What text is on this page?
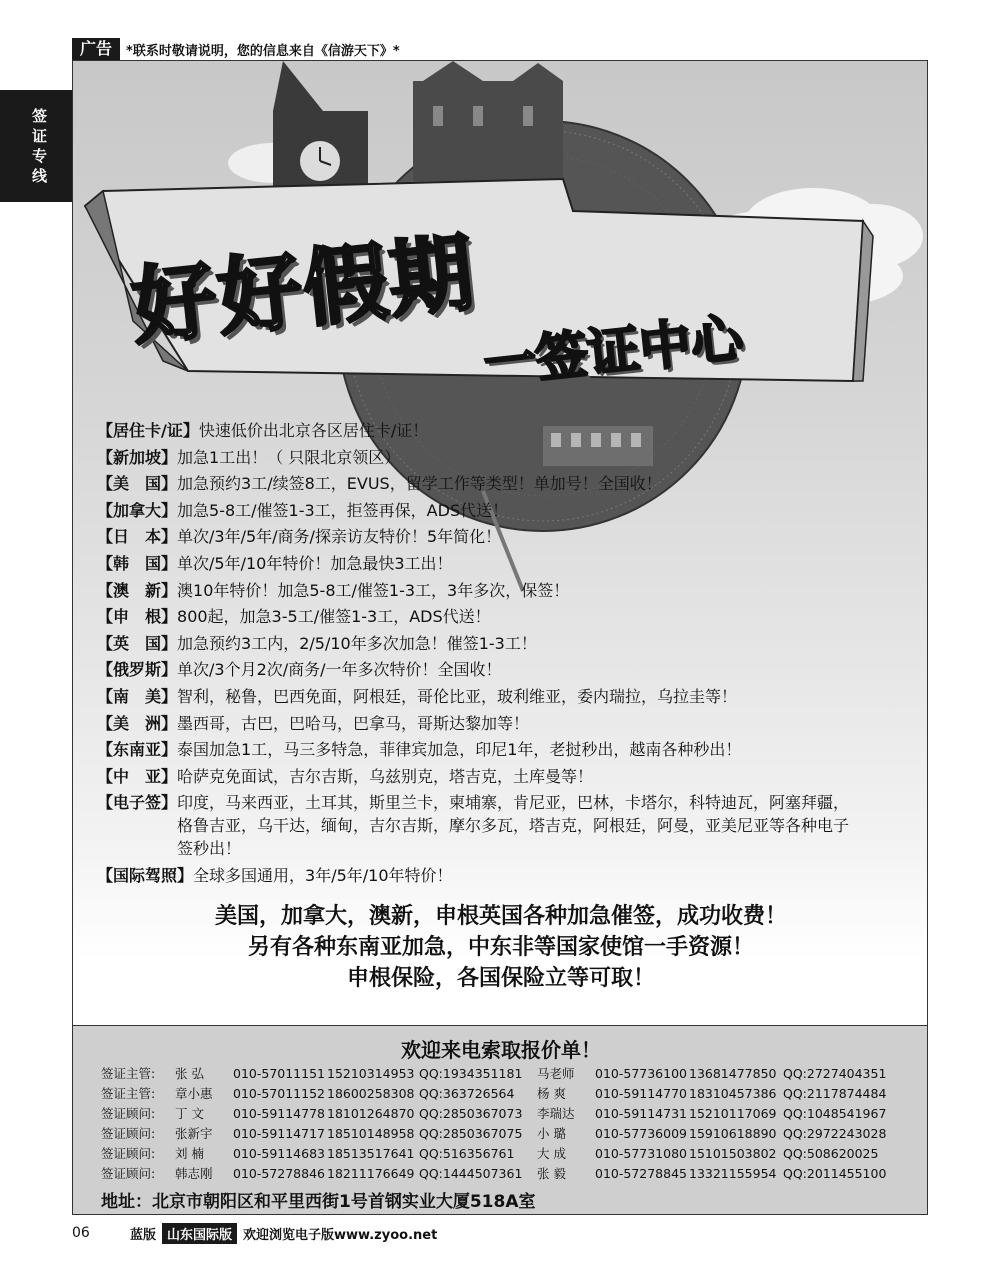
广告	*联系时敬请说明，您的信息来自《信游天下》*
签证专线
好好假期 一签证中心
【居住卡/证】 快速低价出北京各区居住卡/证！
【新加坡】 加急1工出！（ 只限北京领区）
【美　国】 加急预约3工/续签8工，EVUS，留学工作等类型！单加号！全国收！
【加拿大】 加急5-8工/催签1-3工，拒签再保，ADS代送！
【日　本】 单次/3年/5年/商务/探亲访友特价！5年简化！
【韩　国】 单次/5年/10年特价！加急最快3工出！
【澳　新】 澳10年特价！加急5-8工/催签1-3工，3年多次，保签！
【申　根】 800起，加急3-5工/催签1-3工，ADS代送！
【英　国】 加急预约3工内，2/5/10年多次加急！催签1-3工！
【俄罗斯】 单次/3个月2次/商务/一年多次特价！全国收！
【南　美】 智利，秘鲁，巴西免面，阿根廷，哥伦比亚，玻利维亚，委内瑞拉，乌拉圭等！
【美　洲】 墨西哥，古巴，巴哈马，巴拿马，哥斯达黎加等！
【东南亚】 泰国加急1工，马三多特急，菲律宾加急，印尼1年，老挝秒出，越南各种秒出！
【中　亚】 哈萨克免面试，吉尔吉斯，乌兹别克，塔吉克，土库曼等！
【电子签】 印度，马来西亚，土耳其，斯里兰卡，柬埔寨，肯尼亚，巴林，卡塔尔，科特迪瓦，阿塞拜疆，格鲁吉亚，乌干达，缅甸，吉尔吉斯，摩尔多瓦，塔吉克，阿根廷，阿曼，亚美尼亚等各种电子签秒出！
【国际驾照】 全球多国通用，3年/5年/10年特价！
美国，加拿大，澳新，申根英国各种加急催签，成功收费！
另有各种东南亚加急，中东非等国家使馆一手资源！
申根保险，各国保险立等可取！
欢迎来电索取报价单！
签证主管:	张 弘	010-57011151 15210314953 QQ:1934351181	马老师	010-57736100 13681477850 QQ:2727404351
签证主管:	章小惠	010-57011152 18600258308 QQ:363726564	杨 爽	010-59114770 18310457386 QQ:2117874484
签证顾问:	丁 文	010-59114778 18101264870 QQ:2850367073	李瑞达	010-59114731 15210117069 QQ:1048541967
签证顾问:	张新宇	010-59114717 18510148958 QQ:2850367075	小 璐	010-57736009 15910618890 QQ:2972243028
签证顾问:	刘 楠	010-59114683 18513517641 QQ:516356761	大 成	010-57731080 15101503802 QQ:508620025
签证顾问:	韩志刚	010-57278846 18211176649 QQ:1444507361	张 毅	010-57278845 13321155954 QQ:2011455100
地址：北京市朝阳区和平里西街1号首钢实业大厦518A室
06	蓝版 山东国际版 欢迎浏览电子版www.zyoo.net
